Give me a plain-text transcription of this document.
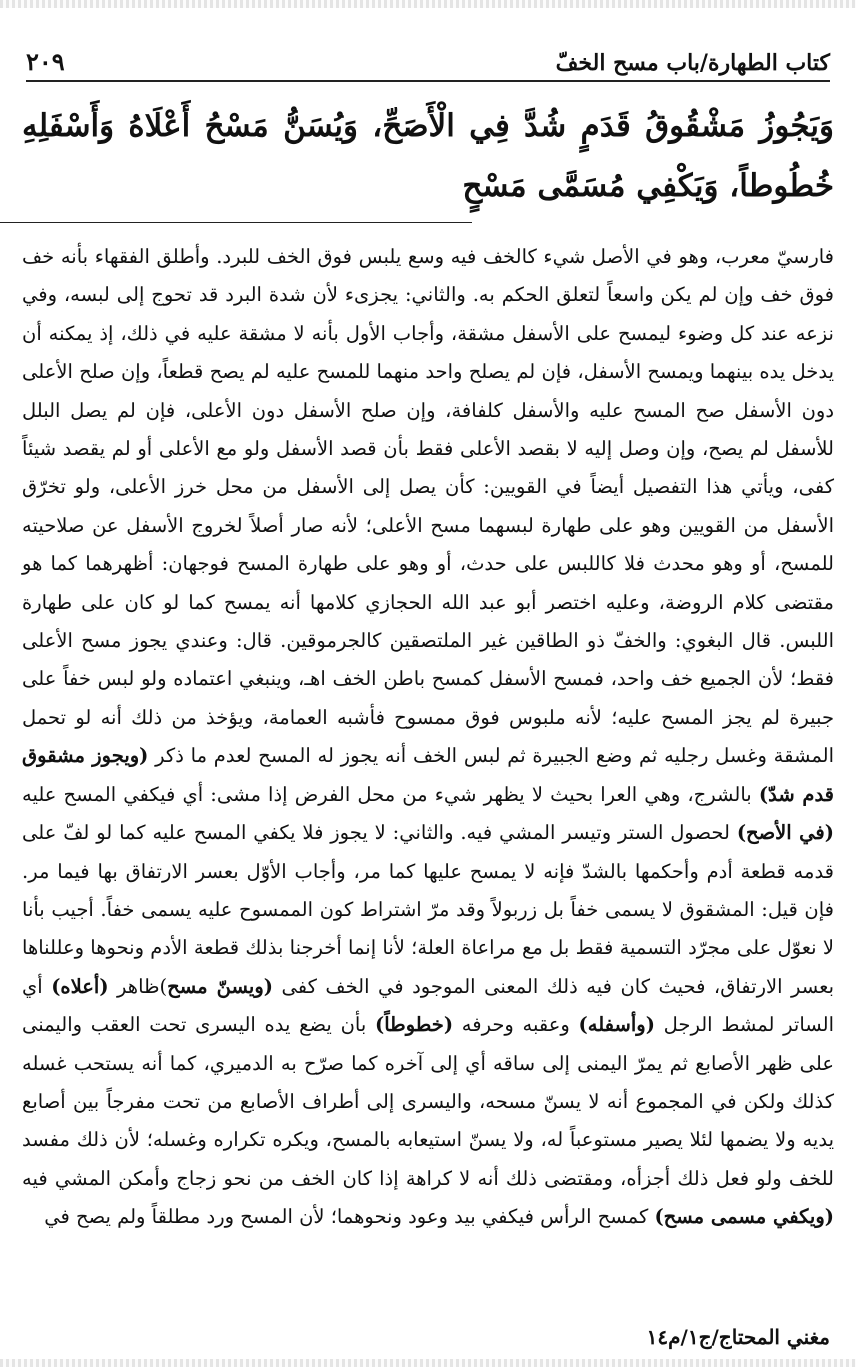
كتاب الطهارة/باب مسح الخفّ
٢٠٩
وَيَجُوزُ مَشْقُوقُ قَدَمٍ شُدَّ فِي الْأَصَحِّ، وَيُسَنُّ مَسْحُ أَعْلَاهُ وَأَسْفَلِهِ خُطُوطاً، وَيَكْفِي مُسَمَّى مَسْحٍ
فارسيّ معرب، وهو في الأصل شيء كالخف فيه وسع يلبس فوق الخف للبرد. وأطلق الفقهاء بأنه خف فوق خف وإن لم يكن واسعاً لتعلق الحكم به. والثاني: يجزىء لأن شدة البرد قد تحوج إلى لبسه، وفي نزعه عند كل وضوء ليمسح على الأسفل مشقة، وأجاب الأول بأنه لا مشقة عليه في ذلك، إذ يمكنه أن يدخل يده بينهما ويمسح الأسفل، فإن لم يصلح واحد منهما للمسح عليه لم يصح قطعاً، وإن صلح الأعلى دون الأسفل صح المسح عليه والأسفل كلفافة، وإن صلح الأسفل دون الأعلى، فإن لم يصل البلل للأسفل لم يصح، وإن وصل إليه لا بقصد الأعلى فقط بأن قصد الأسفل ولو مع الأعلى أو لم يقصد شيئاً كفى، ويأتي هذا التفصيل أيضاً في القويين: كأن يصل إلى الأسفل من محل خرز الأعلى، ولو تخرّق الأسفل من القويين وهو على طهارة لبسهما مسح الأعلى؛ لأنه صار أصلاً لخروج الأسفل عن صلاحيته للمسح، أو وهو محدث فلا كاللبس على حدث، أو وهو على طهارة المسح فوجهان: أظهرهما كما هو مقتضى كلام الروضة، وعليه اختصر أبو عبد الله الحجازي كلامها أنه يمسح كما لو كان على طهارة اللبس. قال البغوي: والخفّ ذو الطاقين غير الملتصقين كالجرموقين. قال: وعندي يجوز مسح الأعلى فقط؛ لأن الجميع خف واحد، فمسح الأسفل كمسح باطن الخف اهـ، وينبغي اعتماده ولو لبس خفاً على جبيرة لم يجز المسح عليه؛ لأنه ملبوس فوق ممسوح فأشبه العمامة، ويؤخذ من ذلك أنه لو تحمل المشقة وغسل رجليه ثم وضع الجبيرة ثم لبس الخف أنه يجوز له المسح لعدم ما ذكر (ويجوز مشقوق قدم شدّ) بالشرج، وهي العرا بحيث لا يظهر شيء من محل الفرض إذا مشى: أي فيكفي المسح عليه (في الأصح) لحصول الستر وتيسر المشي فيه. والثاني: لا يجوز فلا يكفي المسح عليه كما لو لفّ على قدمه قطعة أدم وأحكمها بالشدّ فإنه لا يمسح عليها كما مر، وأجاب الأوّل بعسر الارتفاق بها فيما مر. فإن قيل: المشقوق لا يسمى خفاً بل زربولاً وقد مرّ اشتراط كون الممسوح عليه يسمى خفاً. أجيب بأنا لا نعوّل على مجرّد التسمية فقط بل مع مراعاة العلة؛ لأنا إنما أخرجنا بذلك قطعة الأدم ونحوها وعللناها بعسر الارتفاق، فحيث كان فيه ذلك المعنى الموجود في الخف كفى (ويسنّ مسح)ظاهر (أعلاه) أي الساتر لمشط الرجل (وأسفله) وعقبه وحرفه (خطوطاً) بأن يضع يده اليسرى تحت العقب واليمنى على ظهر الأصابع ثم يمرّ اليمنى إلى ساقه أي إلى آخره كما صرّح به الدميري، كما أنه يستحب غسله كذلك ولكن في المجموع أنه لا يسنّ مسحه، واليسرى إلى أطراف الأصابع من تحت مفرجاً بين أصابع يديه ولا يضمها لئلا يصير مستوعباً له، ولا يسنّ استيعابه بالمسح، ويكره تكراره وغسله؛ لأن ذلك مفسد للخف ولو فعل ذلك أجزأه، ومقتضى ذلك أنه لا كراهة إذا كان الخف من نحو زجاج وأمكن المشي فيه (ويكفي مسمى مسح) كمسح الرأس فيكفي بيد وعود ونحوهما؛ لأن المسح ورد مطلقاً ولم يصح في
مغني المحتاج/ج١/م١٤
